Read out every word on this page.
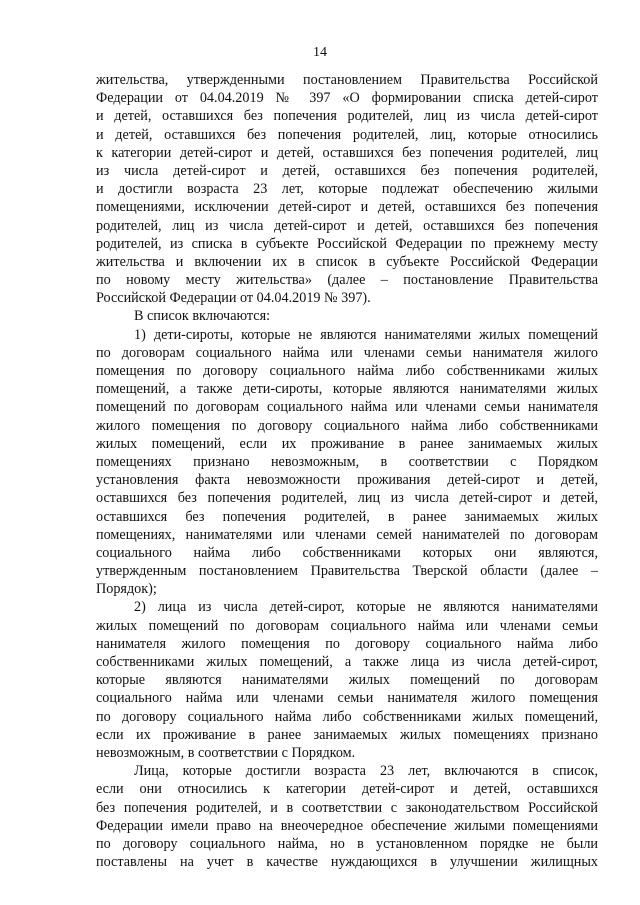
14
жительства, утвержденными постановлением Правительства Российской
Федерации от 04.04.2019 № 397 «О формировании списка детей-сирот
и детей, оставшихся без попечения родителей, лиц из числа детей-сирот
и детей, оставшихся без попечения родителей, лиц, которые относились
к категории детей-сирот и детей, оставшихся без попечения родителей, лиц
из числа детей-сирот и детей, оставшихся без попечения родителей,
и достигли возраста 23 лет, которые подлежат обеспечению жилыми
помещениями, исключении детей-сирот и детей, оставшихся без попечения
родителей, лиц из числа детей-сирот и детей, оставшихся без попечения
родителей, из списка в субъекте Российской Федерации по прежнему месту
жительства и включении их в список в субъекте Российской Федерации
по новому месту жительства» (далее – постановление Правительства
Российской Федерации от 04.04.2019 № 397).
В список включаются:
1) дети-сироты, которые не являются нанимателями жилых помещений
по договорам социального найма или членами семьи нанимателя жилого
помещения по договору социального найма либо собственниками жилых
помещений, а также дети-сироты, которые являются нанимателями жилых
помещений по договорам социального найма или членами семьи нанимателя
жилого помещения по договору социального найма либо собственниками
жилых помещений, если их проживание в ранее занимаемых жилых
помещениях признано невозможным, в соответствии с Порядком
установления факта невозможности проживания детей-сирот и детей,
оставшихся без попечения родителей, лиц из числа детей-сирот и детей,
оставшихся без попечения родителей, в ранее занимаемых жилых
помещениях, нанимателями или членами семей нанимателей по договорам
социального найма либо собственниками которых они являются,
утвержденным постановлением Правительства Тверской области (далее –
Порядок);
2) лица из числа детей-сирот, которые не являются нанимателями
жилых помещений по договорам социального найма или членами семьи
нанимателя жилого помещения по договору социального найма либо
собственниками жилых помещений, а также лица из числа детей-сирот,
которые являются нанимателями жилых помещений по договорам
социального найма или членами семьи нанимателя жилого помещения
по договору социального найма либо собственниками жилых помещений,
если их проживание в ранее занимаемых жилых помещениях признано
невозможным, в соответствии с Порядком.
Лица, которые достигли возраста 23 лет, включаются в список,
если они относились к категории детей-сирот и детей, оставшихся
без попечения родителей, и в соответствии с законодательством Российской
Федерации имели право на внеочередное обеспечение жилыми помещениями
по договору социального найма, но в установленном порядке не были
поставлены на учет в качестве нуждающихся в улучшении жилищных
